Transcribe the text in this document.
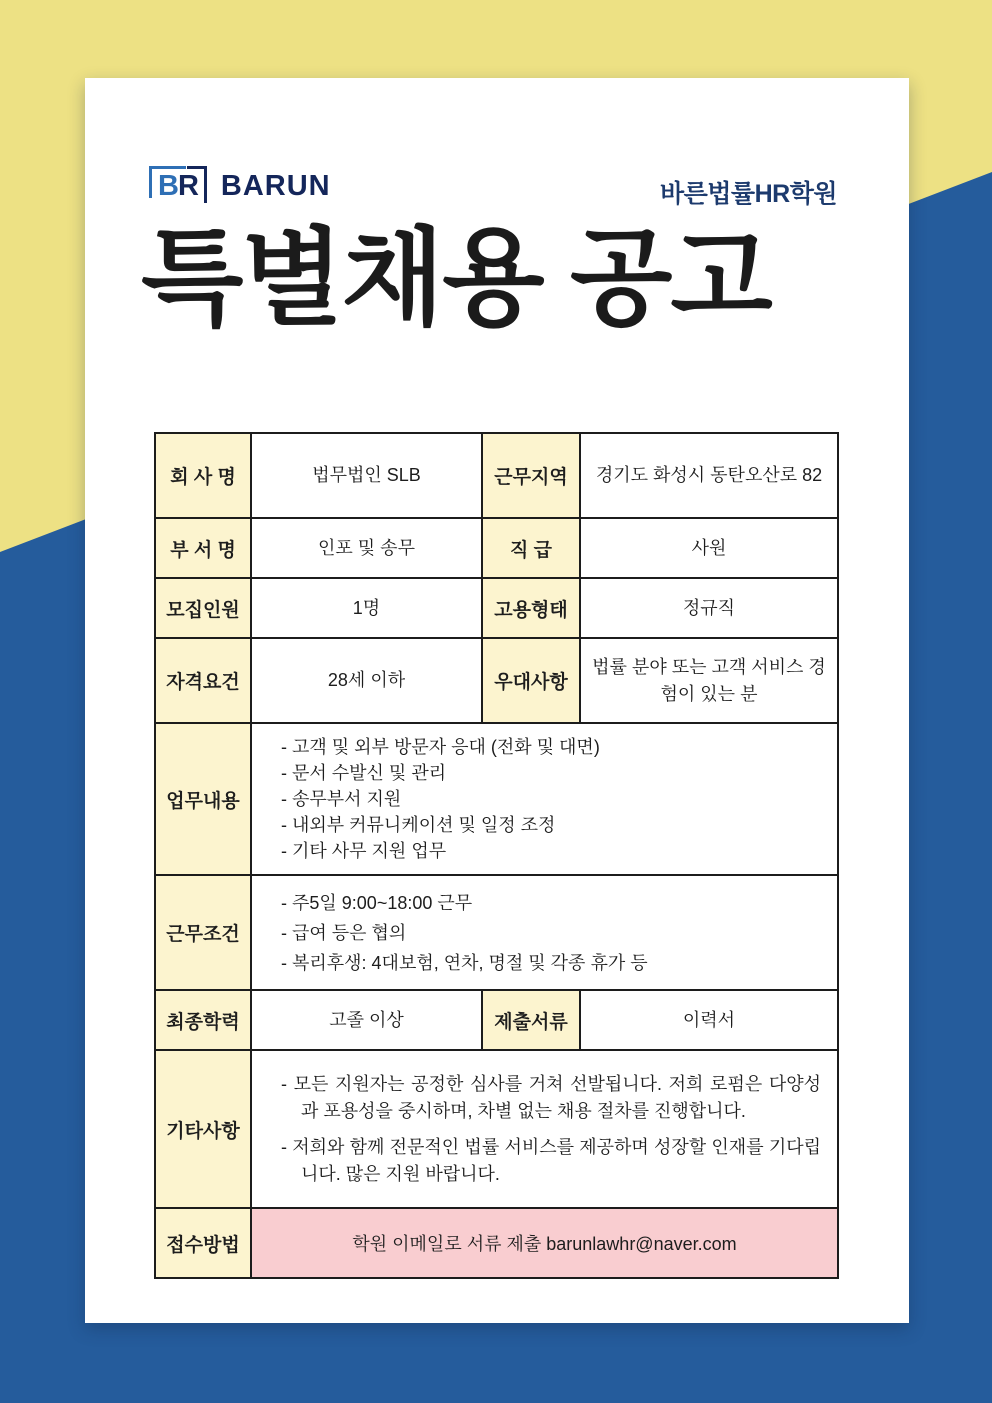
BR BARUN	바른법률HR학원
특별채용 공고
회 사 명	법무법인 SLB	근무지역	경기도 화성시 동탄오산로 82
부 서 명	인포 및 송무	직 급	사원
모집인원	1명	고용형태	정규직
자격요건	28세 이하	우대사항	법률 분야 또는 고객 서비스 경험이 있는 분
업무내용	- 고객 및 외부 방문자 응대 (전화 및 대면)
- 문서 수발신 및 관리
- 송무부서 지원
- 내외부 커뮤니케이션 및 일정 조정
- 기타 사무 지원 업무		

근무조건	- 주5일 9:00~18:00 근무
- 급여 등은 협의
- 복리후생: 4대보험, 연차, 명절 및 각종 휴가 등		

최종학력	고졸 이상	제출서류	이력서
기타사항	- 모든 지원자는 공정한 심사를 거쳐 선발됩니다. 저희 로펌은 다양성과 포용성을 중시하며, 차별 없는 채용 절차를 진행합니다.
- 저희와 함께 전문적인 법률 서비스를 제공하며 성장할 인재를 기다립니다. 많은 지원 바랍니다.		

접수방법	학원 이메일로 서류 제출 barunlawhr@naver.com		
